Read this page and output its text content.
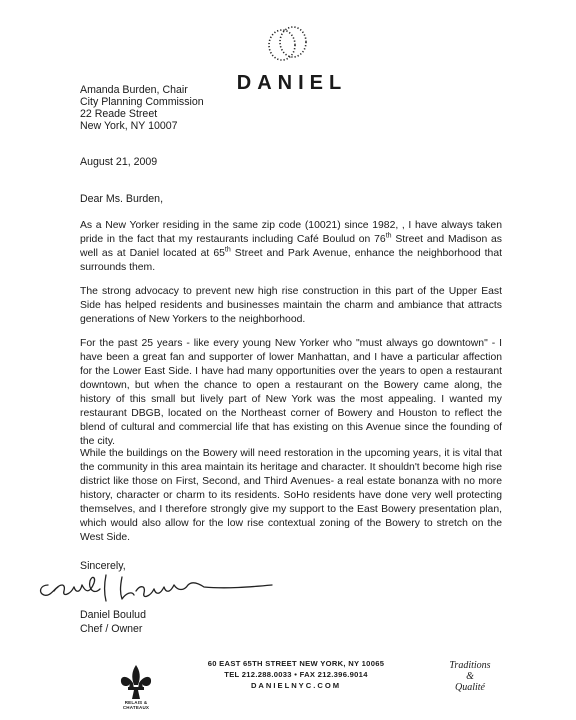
DANIEL
Amanda Burden, Chair
City Planning Commission
22 Reade Street
New York, NY 10007
August 21, 2009
Dear Ms. Burden,

As a New Yorker residing in the same zip code (10021) since 1982, , I have always taken pride in the fact that my restaurants including Café Boulud on 76th Street and Madison as well as at Daniel located at 65th Street and Park Avenue, enhance the neighborhood that surrounds them.

The strong advocacy to prevent new high rise construction in this part of the Upper East Side has helped residents and businesses maintain the charm and ambiance that attracts generations of New Yorkers to the neighborhood.

For the past 25 years - like every young New Yorker who "must always go downtown" - I have been a great fan and supporter of lower Manhattan, and I have a particular affection for the Lower East Side. I have had many opportunities over the years to open a restaurant downtown, but when the chance to open a restaurant on the Bowery came along, the history of this small but lively part of New York was the most appealing. I wanted my restaurant DBGB, located on the Northeast corner of Bowery and Houston to reflect the blend of cultural and commercial life that has existing on this Avenue since the founding of the city.

While the buildings on the Bowery will need restoration in the upcoming years, it is vital that the community in this area maintain its heritage and character. It shouldn't become high rise district like those on First, Second, and Third Avenues- a real estate bonanza with no more history, character or charm to its residents. SoHo residents have done very well protecting themselves, and I therefore strongly give my support to the East Bowery presentation plan, which would also allow for the low rise contextual zoning of the Bowery to stretch on the West Side.

Sincerely,
Daniel Boulud
Chef / Owner
RELAIS & CHATEAUX
60 EAST 65TH STREET NEW YORK, NY 10065
TEL 212.288.0033 • FAX 212.396.9014
DANIELNYC.COM
Traditions
&
Qualité
